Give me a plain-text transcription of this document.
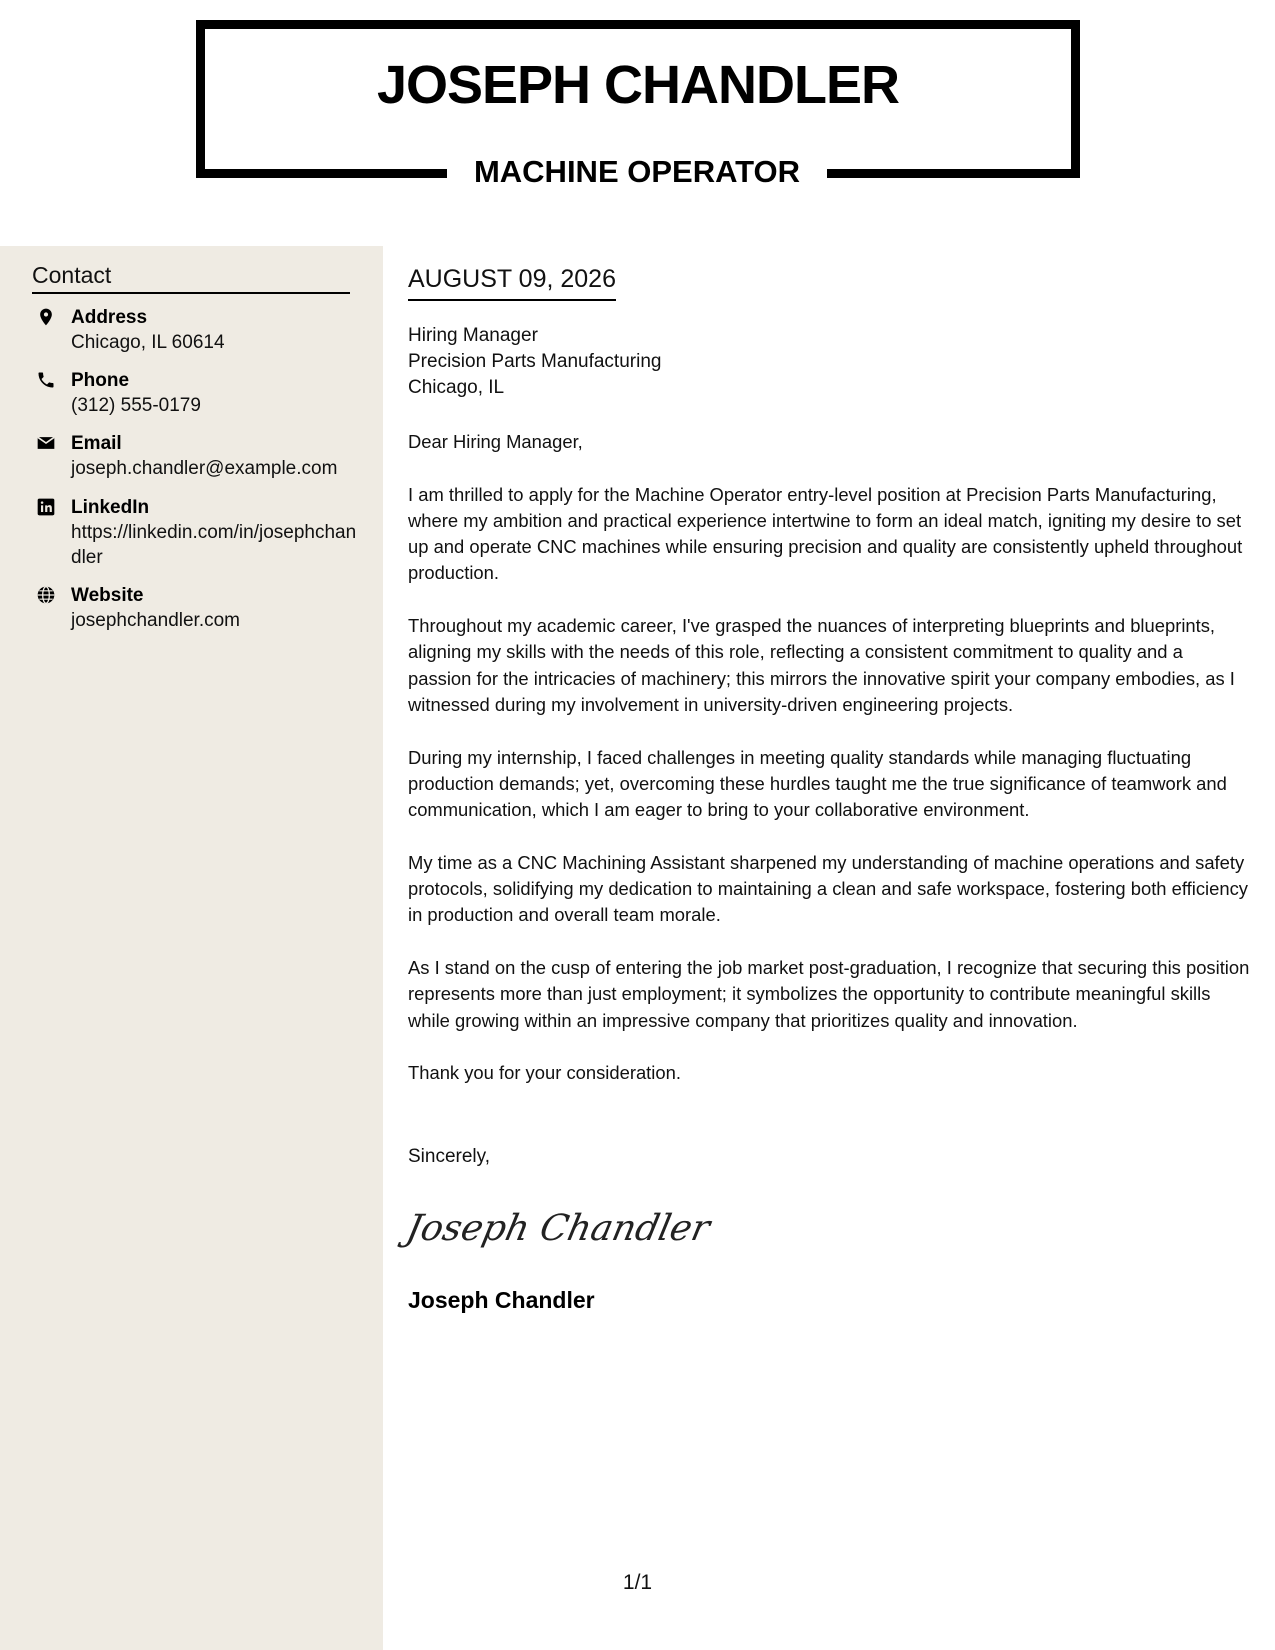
JOSEPH CHANDLER
MACHINE OPERATOR
Contact
Address
Chicago, IL 60614
Phone
(312) 555-0179
Email
joseph.chandler@example.com
LinkedIn
https://linkedin.com/in/josephchandler
Website
josephchandler.com
AUGUST 09, 2026
Hiring Manager
Precision Parts Manufacturing
Chicago, IL

Dear Hiring Manager,

I am thrilled to apply for the Machine Operator entry-level position at Precision Parts Manufacturing, where my ambition and practical experience intertwine to form an ideal match, igniting my desire to set up and operate CNC machines while ensuring precision and quality are consistently upheld throughout production.

Throughout my academic career, I've grasped the nuances of interpreting blueprints and blueprints, aligning my skills with the needs of this role, reflecting a consistent commitment to quality and a passion for the intricacies of machinery; this mirrors the innovative spirit your company embodies, as I witnessed during my involvement in university-driven engineering projects.

During my internship, I faced challenges in meeting quality standards while managing fluctuating production demands; yet, overcoming these hurdles taught me the true significance of teamwork and communication, which I am eager to bring to your collaborative environment.

My time as a CNC Machining Assistant sharpened my understanding of machine operations and safety protocols, solidifying my dedication to maintaining a clean and safe workspace, fostering both efficiency in production and overall team morale.

As I stand on the cusp of entering the job market post-graduation, I recognize that securing this position represents more than just employment; it symbolizes the opportunity to contribute meaningful skills while growing within an impressive company that prioritizes quality and innovation.

Thank you for your consideration.

Sincerely,
Joseph Chandler
Joseph Chandler
1/1
